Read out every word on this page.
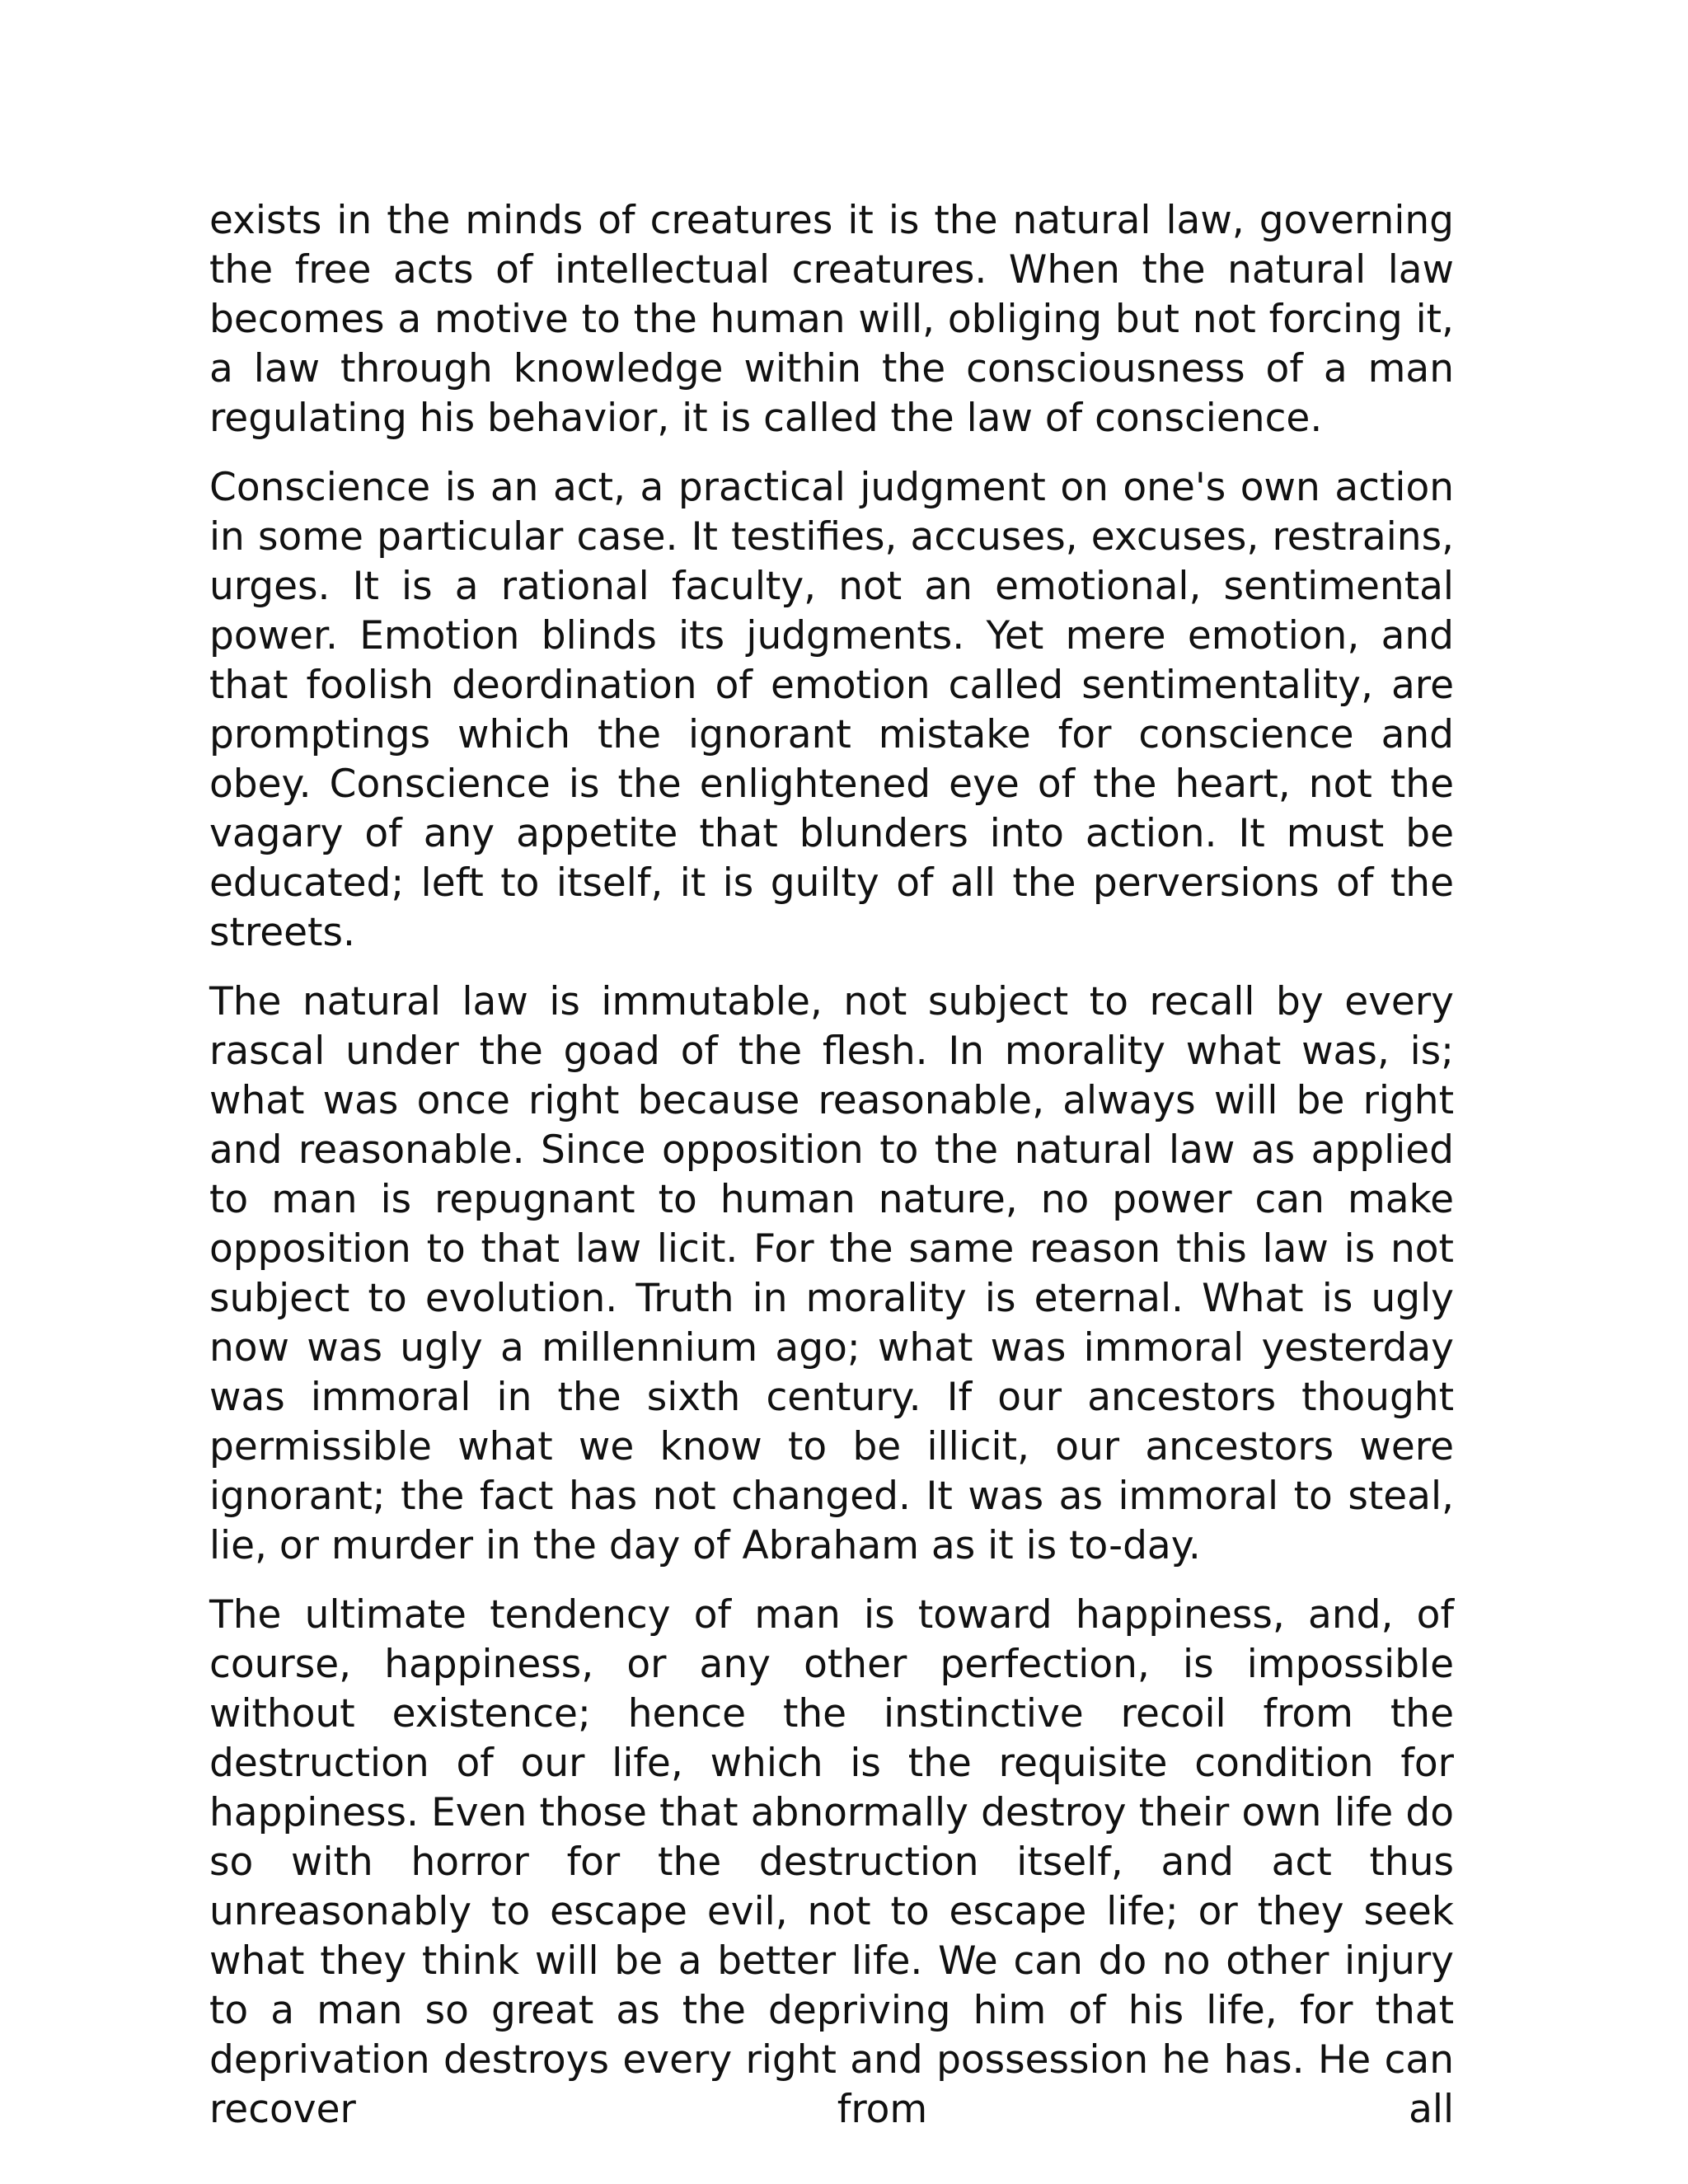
exists in the minds of creatures it is the natural law, governing the free acts of intellectual creatures. When the natural law becomes a motive to the human will, obliging but not forcing it, a law through knowledge within the consciousness of a man regulating his behavior, it is called the law of conscience.

Conscience is an act, a practical judgment on one's own action in some particular case. It testifies, accuses, excuses, restrains, urges. It is a rational faculty, not an emotional, sentimental power. Emotion blinds its judgments. Yet mere emotion, and that foolish deordination of emotion called sentimentality, are promptings which the ignorant mistake for conscience and obey. Conscience is the enlightened eye of the heart, not the vagary of any appetite that blunders into action. It must be educated; left to itself, it is guilty of all the perversions of the streets.

The natural law is immutable, not subject to recall by every rascal under the goad of the flesh. In morality what was, is; what was once right because reasonable, always will be right and reasonable. Since opposition to the natural law as applied to man is repugnant to human nature, no power can make opposition to that law licit. For the same reason this law is not subject to evolution. Truth in morality is eternal. What is ugly now was ugly a millennium ago; what was immoral yesterday was immoral in the sixth century. If our ancestors thought permissible what we know to be illicit, our ancestors were ignorant; the fact has not changed. It was as immoral to steal, lie, or murder in the day of Abraham as it is to-day.

The ultimate tendency of man is toward happiness, and, of course, happiness, or any other perfection, is impossible without existence; hence the instinctive recoil from the destruction of our life, which is the requisite condition for happiness. Even those that abnormally destroy their own life do so with horror for the destruction itself, and act thus unreasonably to escape evil, not to escape life; or they seek what they think will be a better life. We can do no other injury to a man so great as the depriving him of his life, for that deprivation destroys every right and possession he has. He can recover from all
